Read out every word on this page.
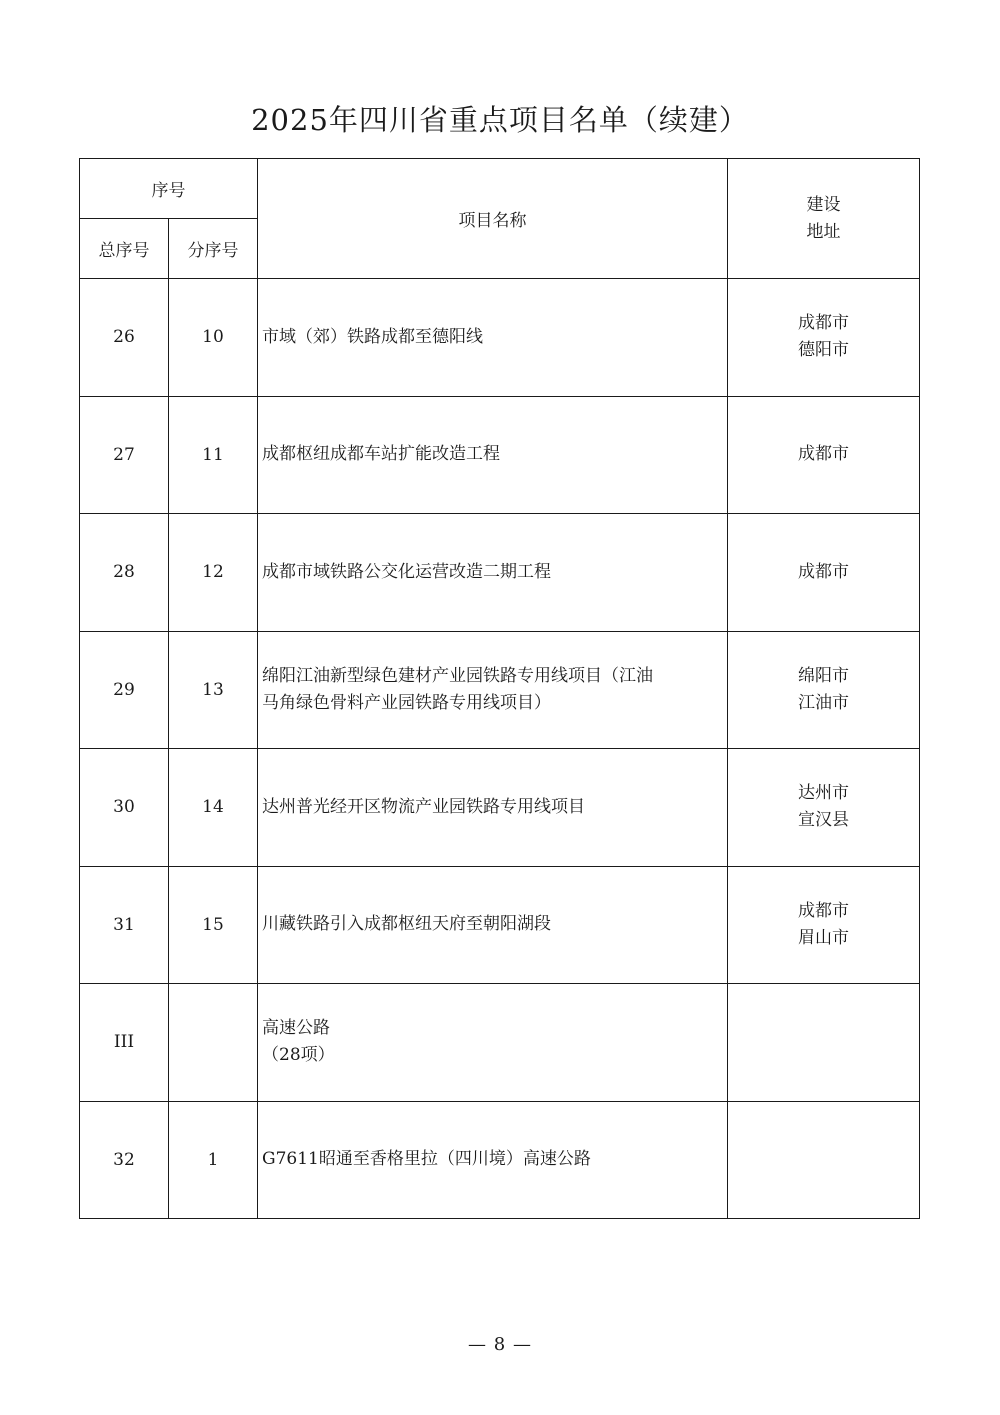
2025年四川省重点项目名单（续建）
序号		项目名称	建设
地址

总序号	分序号		
26	10	市域（郊）铁路成都至德阳线	成都市
德阳市

27	11	成都枢纽成都车站扩能改造工程	成都市

28	12	成都市域铁路公交化运营改造二期工程	成都市

29	13	绵阳江油新型绿色建材产业园铁路专用线项目（江油
马角绿色骨料产业园铁路专用线项目）	绵阳市
江油市

30	14	达州普光经开区物流产业园铁路专用线项目	达州市
宣汉县

31	15	川藏铁路引入成都枢纽天府至朝阳湖段	成都市
眉山市

III		高速公路
（28项）	

32	1	G7611昭通至香格里拉（四川境）高速公路	

— 8 —
